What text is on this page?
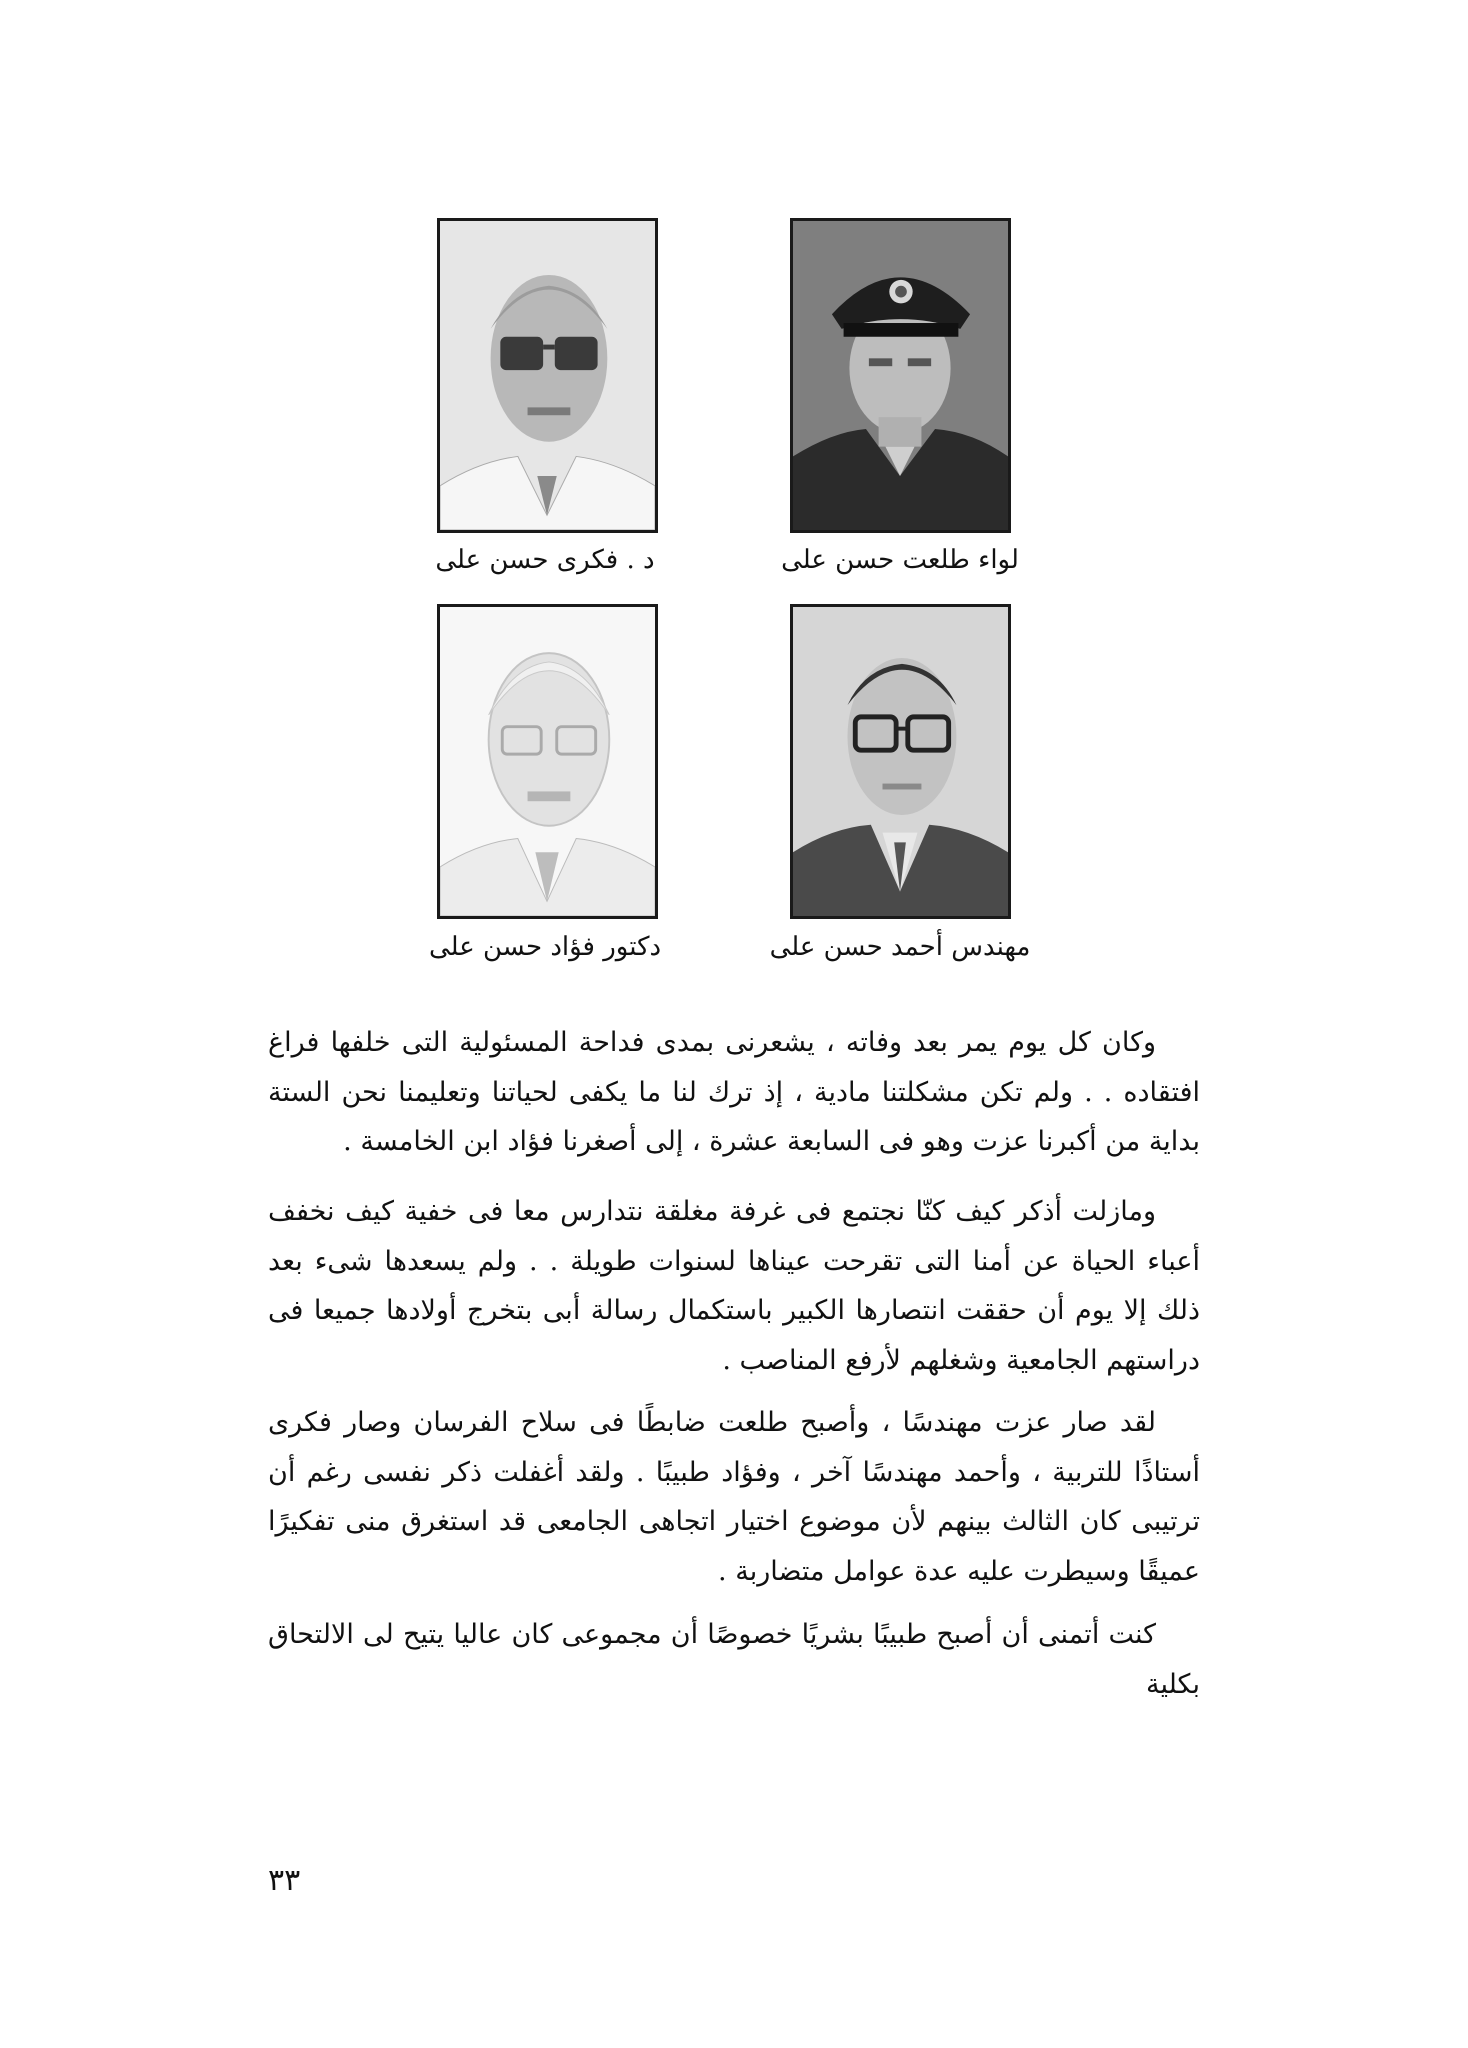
لواء طلعت حسن على
د . فكرى حسن على
مهندس أحمد حسن على
دكتور فؤاد حسن على

وكان كل يوم يمر بعد وفاته ، يشعرنى بمدى فداحة المسئولية التى خلفها فراغ افتقاده . . ولم تكن مشكلتنا مادية ، إذ ترك لنا ما يكفى لحياتنا وتعليمنا نحن الستة بداية من أكبرنا عزت وهو فى السابعة عشرة ، إلى أصغرنا فؤاد ابن الخامسة .

ومازلت أذكر كيف كنّا نجتمع فى غرفة مغلقة نتدارس معا فى خفية كيف نخفف أعباء الحياة عن أمنا التى تقرحت عيناها لسنوات طويلة . . ولم يسعدها شىء بعد ذلك إلا يوم أن حققت انتصارها الكبير باستكمال رسالة أبى بتخرج أولادها جميعا فى دراستهم الجامعية وشغلهم لأرفع المناصب .

لقد صار عزت مهندسًا ، وأصبح طلعت ضابطًا فى سلاح الفرسان وصار فكرى أستاذًا للتربية ، وأحمد مهندسًا آخر ، وفؤاد طبيبًا . ولقد أغفلت ذكر نفسى رغم أن ترتيبى كان الثالث بينهم لأن موضوع اختيار اتجاهى الجامعى قد استغرق منى تفكيرًا عميقًا وسيطرت عليه عدة عوامل متضاربة .

كنت أتمنى أن أصبح طبيبًا بشريًا خصوصًا أن مجموعى كان عاليا يتيح لى الالتحاق بكلية

٣٣
